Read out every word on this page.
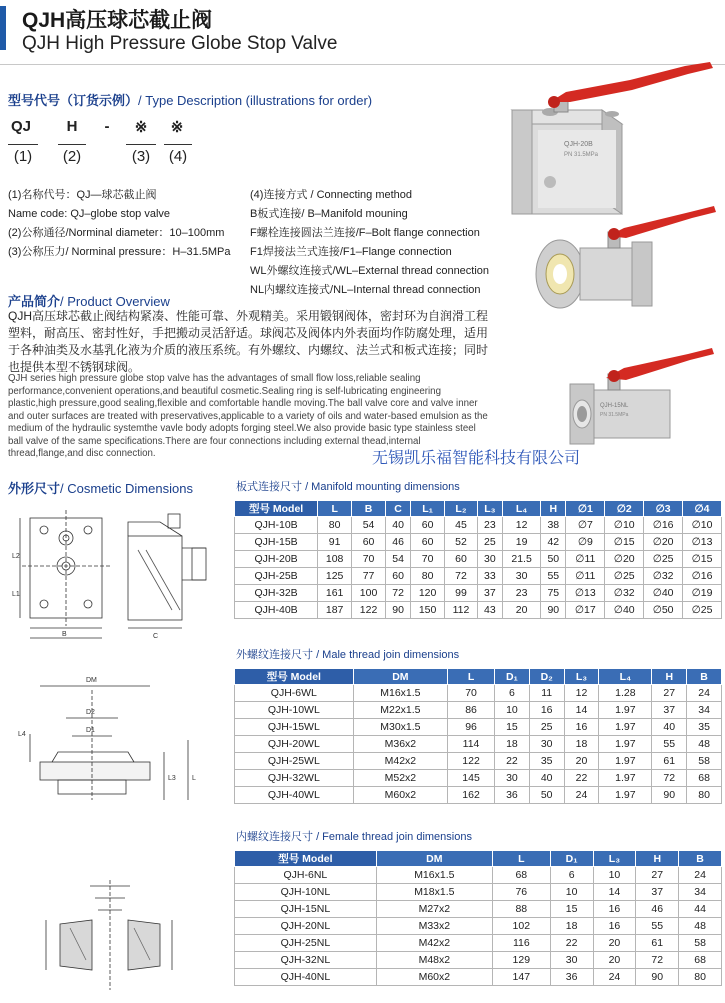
QJH高压球芯截止阀
QJH High Pressure Globe Stop Valve
型号代号（订货示例）/ Type Description (illustrations for order)
QJ	H	-	※	※
(1)	(2)	(3)	(4)
(1)名称代号：QJ—球芯截止阀
Name code: QJ–globe stop valve
(2)公称通径/Norminal diameter：10–100mm
(3)公称压力/ Norminal pressure：H–31.5MPa
(4)连接方式 / Connecting method
B板式连接/ B–Manifold mouning
F螺栓连接圆法兰连接/F–Bolt flange connection
F1焊接法兰式连接/F1–Flange connection
WL外螺纹连接式/WL–External thread connection
NL内螺纹连接式/NL–Internal thread connection
产品简介/ Product Overview
QJH高压球芯截止阀结构紧凑、性能可靠、外观精美。采用锻钢阀体，密封环为自润滑工程塑料，耐高压、密封性好，手把搬动灵活舒适。球阀芯及阀体内外表面均作防腐处理，适用于各种油类及水基乳化液为介质的液压系统。有外螺纹、内螺纹、法兰式和板式连接；同时也提供本型不锈钢球阀。
QJH series high pressure globe stop valve has the advantages of small flow loss,reliable sealing performance,convenient operations,and beautiful cosmetic.Sealing ring is self-lubricating engineering plastic,high pressure,good sealing,flexible and comfortable handle moving.The ball valve core and valve inner and outer surfaces are treated with preservatives,applicable to a variety of oils and water-based emulsion as the medium of the hydraulic systemthe vavle body adopts forging steel.We also provide basic type stainless steel ball valve of the same specifications.There are four connections including external thead,internal thread,flange,and disc connection.
QJH-20B
PN 31.5MPa
QJH-15NL
PN 31.5MPa
无锡凯乐福智能科技有限公司
外形尺寸/ Cosmetic Dimensions
L2
L1
B	C
DM
D2
D1
L4
L3 L
板式连接尺寸 / Manifold mounting dimensions
型号 Model	L	B	C	L₁	L₂	L₃	L₄	H	∅1	∅2	∅3	∅4
QJH-10B	80	54	40	60	45	23	12	38	∅7	∅10	∅16	∅10
QJH-15B	91	60	46	60	52	25	19	42	∅9	∅15	∅20	∅13
QJH-20B	108	70	54	70	60	30	21.5	50	∅11	∅20	∅25	∅15
QJH-25B	125	77	60	80	72	33	30	55	∅11	∅25	∅32	∅16
QJH-32B	161	100	72	120	99	37	23	75	∅13	∅32	∅40	∅19
QJH-40B	187	122	90	150	112	43	20	90	∅17	∅40	∅50	∅25
外螺纹连接尺寸 / Male thread join dimensions
型号 Model	DM	L	D₁	D₂	L₃	L₄	H	B
QJH-6WL	M16x1.5	70	6	11	12	1.28	27	24
QJH-10WL	M22x1.5	86	10	16	14	1.97	37	34
QJH-15WL	M30x1.5	96	15	25	16	1.97	40	35
QJH-20WL	M36x2	114	18	30	18	1.97	55	48
QJH-25WL	M42x2	122	22	35	20	1.97	61	58
QJH-32WL	M52x2	145	30	40	22	1.97	72	68
QJH-40WL	M60x2	162	36	50	24	1.97	90	80
内螺纹连接尺寸 / Female thread join dimensions
型号 Model	DM	L	D₁	L₃	H	B
QJH-6NL	M16x1.5	68	6	10	27	24
QJH-10NL	M18x1.5	76	10	14	37	34
QJH-15NL	M27x2	88	15	16	46	44
QJH-20NL	M33x2	102	18	16	55	48
QJH-25NL	M42x2	116	22	20	61	58
QJH-32NL	M48x2	129	30	20	72	68
QJH-40NL	M60x2	147	36	24	90	80
